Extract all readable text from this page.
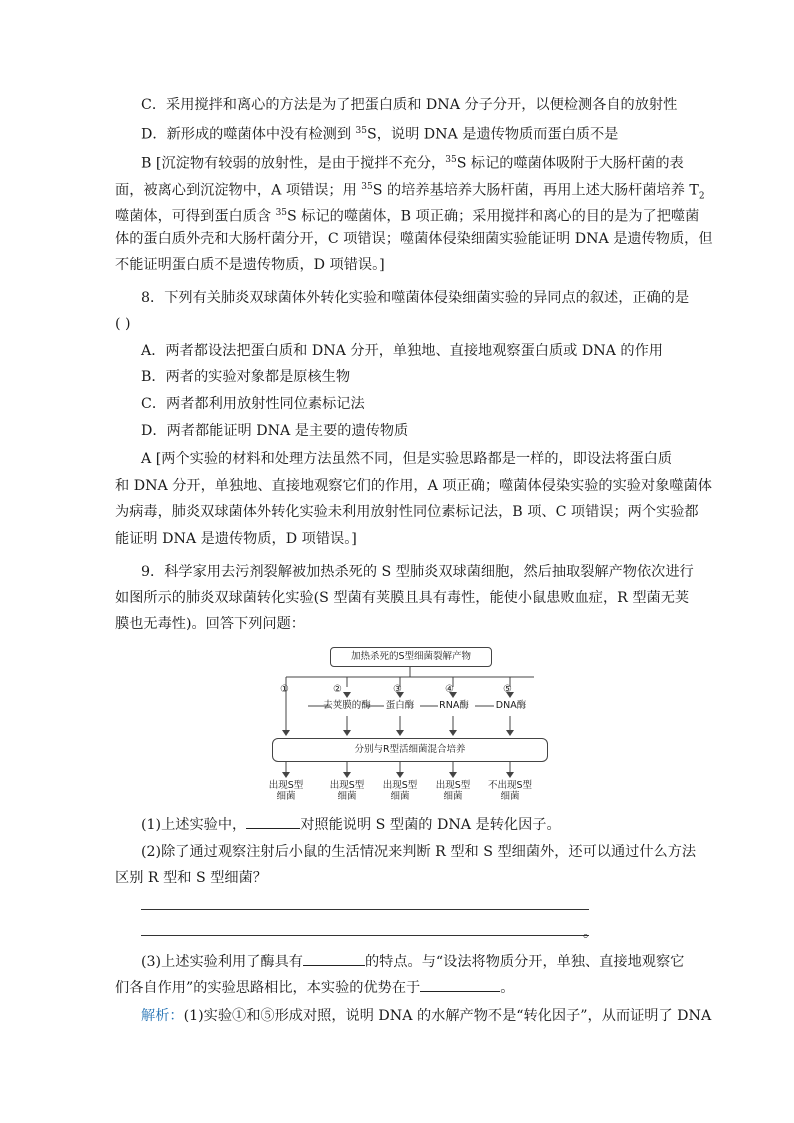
C．采用搅拌和离心的方法是为了把蛋白质和 DNA 分子分开，以便检测各自的放射性
D．新形成的噬菌体中没有检测到 $^{35}$S，说明 DNA 是遗传物质而蛋白质不是
B [沉淀物有较弱的放射性，是由于搅拌不充分，$^{35}$S 标记的噬菌体吸附于大肠杆菌的表
面，被离心到沉淀物中，A 项错误；用 $^{35}$S 的培养基培养大肠杆菌，再用上述大肠杆菌培养 $T_2$
噬菌体，可得到蛋白质含 $^{35}$S 标记的噬菌体，B 项正确；采用搅拌和离心的目的是为了把噬菌
体的蛋白质外壳和大肠杆菌分开，C 项错误；噬菌体侵染细菌实验能证明 DNA 是遗传物质，但
不能证明蛋白质不是遗传物质，D 项错误。]
8．下列有关肺炎双球菌体外转化实验和噬菌体侵染细菌实验的异同点的叙述，正确的是
( )
A．两者都设法把蛋白质和 DNA 分开，单独地、直接地观察蛋白质或 DNA 的作用
B．两者的实验对象都是原核生物
C．两者都利用放射性同位素标记法
D．两者都能证明 DNA 是主要的遗传物质
A [两个实验的材料和处理方法虽然不同，但是实验思路都是一样的，即设法将蛋白质
和 DNA 分开，单独地、直接地观察它们的作用，A 项正确；噬菌体侵染实验的实验对象噬菌体
为病毒，肺炎双球菌体外转化实验未利用放射性同位素标记法，B 项、C 项错误；两个实验都
能证明 DNA 是遗传物质，D 项错误。]
9．科学家用去污剂裂解被加热杀死的 S 型肺炎双球菌细胞，然后抽取裂解产物依次进行
如图所示的肺炎双球菌转化实验(S 型菌有荚膜且具有毒性，能使小鼠患败血症，R 型菌无荚
膜也无毒性)。回答下列问题：
加热杀死的S型细菌裂解产物
①	②	③	④	⑤
去荚膜的酶	蛋白酶	RNA酶	DNA酶
分别与R型活细菌混合培养
出现S型
细菌
出现S型
细菌
出现S型
细菌
出现S型
细菌
不出现S型
细菌
(1)上述实验中，	对照能说明 S 型菌的 DNA 是转化因子。
(2)除了通过观察注射后小鼠的生活情况来判断 R 型和 S 型细菌外，还可以通过什么方法
区别 R 型和 S 型细菌？
。
(3)上述实验利用了酶具有	的特点。与“设法将物质分开，单独、直接地观察它
们各自作用”的实验思路相比，本实验的优势在于	。
解析：(1)实验①和⑤形成对照，说明 DNA 的水解产物不是“转化因子”，从而证明了 DNA
